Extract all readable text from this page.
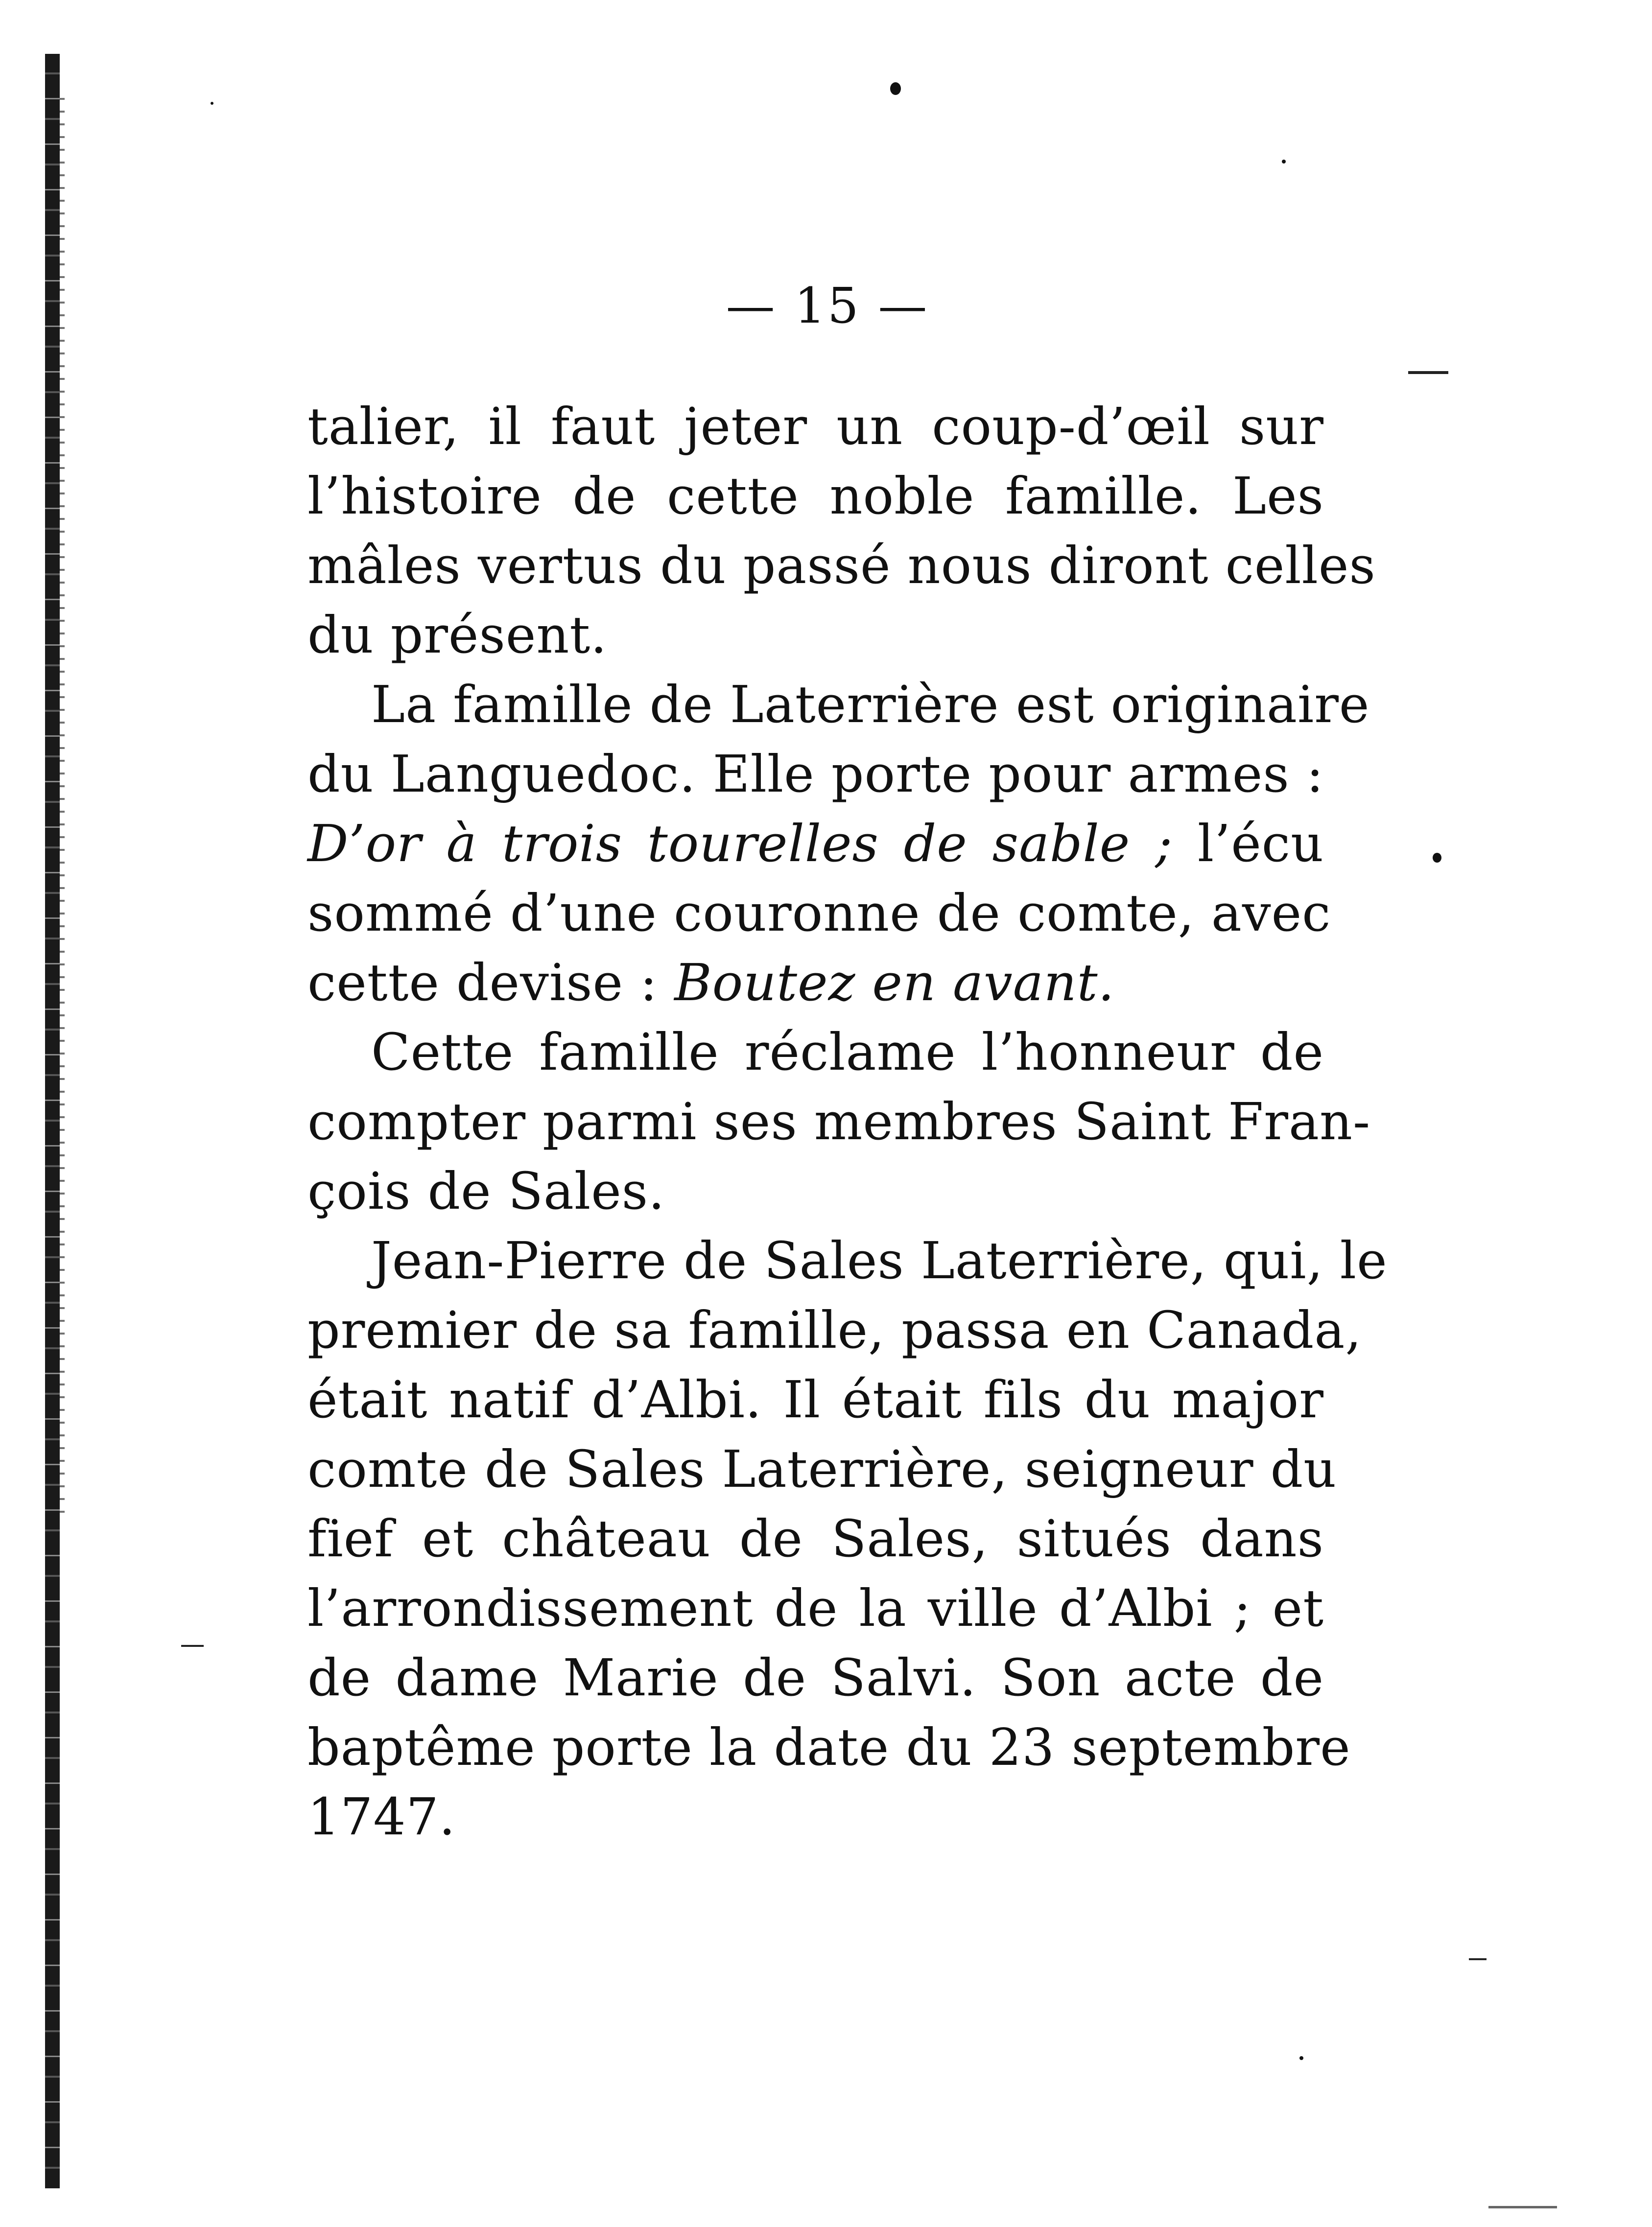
— 15 —
talier, il faut jeter un coup-d’œil sur
l’histoire de cette noble famille. Les
mâles vertus du passé nous diront celles
du présent.
La famille de Laterrière est originaire
du Languedoc. Elle porte pour armes :
D’or à trois tourelles de sable ; l’écu
sommé d’une couronne de comte, avec
cette devise : Boutez en avant.
Cette famille réclame l’honneur de
compter parmi ses membres Saint Fran-
çois de Sales.
Jean-Pierre de Sales Laterrière, qui, le
premier de sa famille, passa en Canada,
était natif d’Albi. Il était fils du major
comte de Sales Laterrière, seigneur du
fief et château de Sales, situés dans
l’arrondissement de la ville d’Albi ; et
de dame Marie de Salvi. Son acte de
baptême porte la date du 23 septembre
1747.
